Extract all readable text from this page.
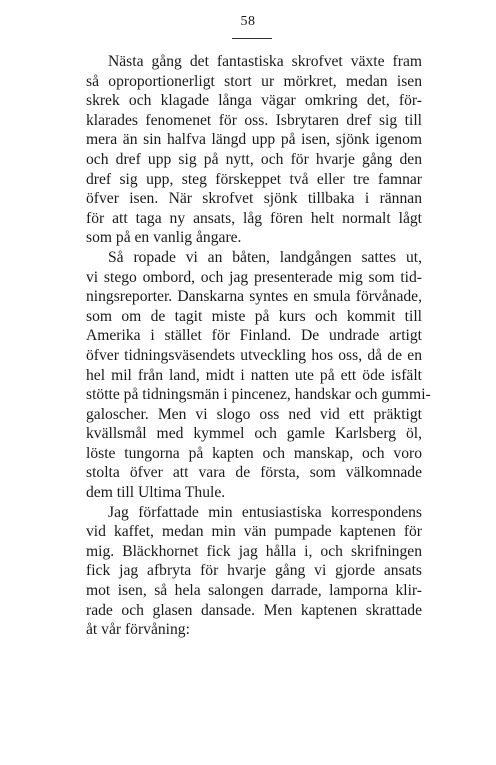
58
Nästa gång det fantastiska skrofvet växte fram
så oproportionerligt stort ur mörkret, medan isen
skrek och klagade långa vägar omkring det, för-
klarades fenomenet för oss. Isbrytaren dref sig till
mera än sin halfva längd upp på isen, sjönk igenom
och dref upp sig på nytt, och för hvarje gång den
dref sig upp, steg förskeppet två eller tre famnar
öfver isen. När skrofvet sjönk tillbaka i rännan
för att taga ny ansats, låg fören helt normalt lågt
som på en vanlig ångare.
Så ropade vi an båten, landgången sattes ut,
vi stego ombord, och jag presenterade mig som tid-
ningsreporter. Danskarna syntes en smula förvånade,
som om de tagit miste på kurs och kommit till
Amerika i stället för Finland. De undrade artigt
öfver tidningsväsendets utveckling hos oss, då de en
hel mil från land, midt i natten ute på ett öde isfält
stötte på tidningsmän i pincenez, handskar och gummi-
galoscher. Men vi slogo oss ned vid ett präktigt
kvällsmål med kymmel och gamle Karlsberg öl,
löste tungorna på kapten och manskap, och voro
stolta öfver att vara de första, som välkomnade
dem till Ultima Thule.
Jag författade min entusiastiska korrespondens
vid kaffet, medan min vän pumpade kaptenen för
mig. Bläckhornet fick jag hålla i, och skrifningen
fick jag afbryta för hvarje gång vi gjorde ansats
mot isen, så hela salongen darrade, lamporna klir-
rade och glasen dansade. Men kaptenen skrattade
åt vår förvåning:
